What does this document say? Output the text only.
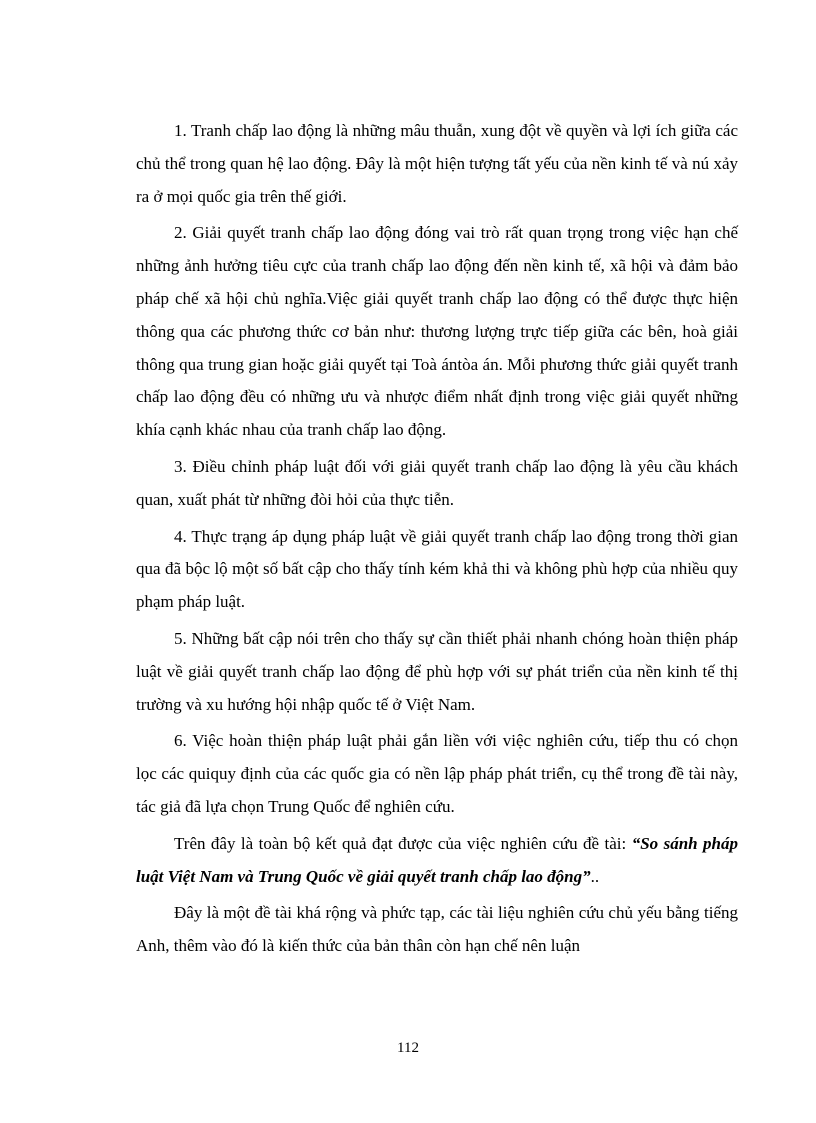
1. Tranh chấp lao động là những mâu thuẫn, xung đột về quyền và lợi ích giữa các chủ thể trong quan hệ lao động. Đây là một hiện tượng tất yếu của nền kinh tế và nú xảy ra ở mọi quốc gia trên thế giới.

2. Giải quyết tranh chấp lao động đóng vai trò rất quan trọng trong việc hạn chế những ảnh hưởng tiêu cực của tranh chấp lao động đến nền kinh tế, xã hội và đảm bảo pháp chế xã hội chủ nghĩa.Việc giải quyết tranh chấp lao động có thể được thực hiện thông qua các phương thức cơ bản như: thương lượng trực tiếp giữa các bên, hoà giải thông qua trung gian hoặc giải quyết tại Toà ántòa án. Mỗi phương thức giải quyết tranh chấp lao động đều có những ưu và nhược điểm nhất định trong việc giải quyết những khía cạnh khác nhau của tranh chấp lao động.

3. Điều chỉnh pháp luật đối với giải quyết tranh chấp lao động là yêu cầu khách quan, xuất phát từ những đòi hỏi của thực tiễn.

4. Thực trạng áp dụng pháp luật về giải quyết tranh chấp lao động trong thời gian qua đã bộc lộ một số bất cập cho thấy tính kém khả thi và không phù hợp của nhiều quy phạm pháp luật.

5. Những bất cập nói trên cho thấy sự cần thiết phải nhanh chóng hoàn thiện pháp luật về giải quyết tranh chấp lao động để phù hợp với sự phát triển của nền kinh tế thị trường và xu hướng hội nhập quốc tế ở Việt Nam.

6. Việc hoàn thiện pháp luật phải gắn liền với việc nghiên cứu, tiếp thu có chọn lọc các quiquy định của các quốc gia có nền lập pháp phát triển, cụ thể trong đề tài này, tác giả đã lựa chọn Trung Quốc để nghiên cứu.

Trên đây là toàn bộ kết quả đạt được của việc nghiên cứu đề tài: “So sánh pháp luật Việt Nam và Trung Quốc về giải quyết tranh chấp lao động”..

Đây là một đề tài khá rộng và phức tạp, các tài liệu nghiên cứu chủ yếu bằng tiếng Anh, thêm vào đó là kiến thức của bản thân còn hạn chế nên luận

112
